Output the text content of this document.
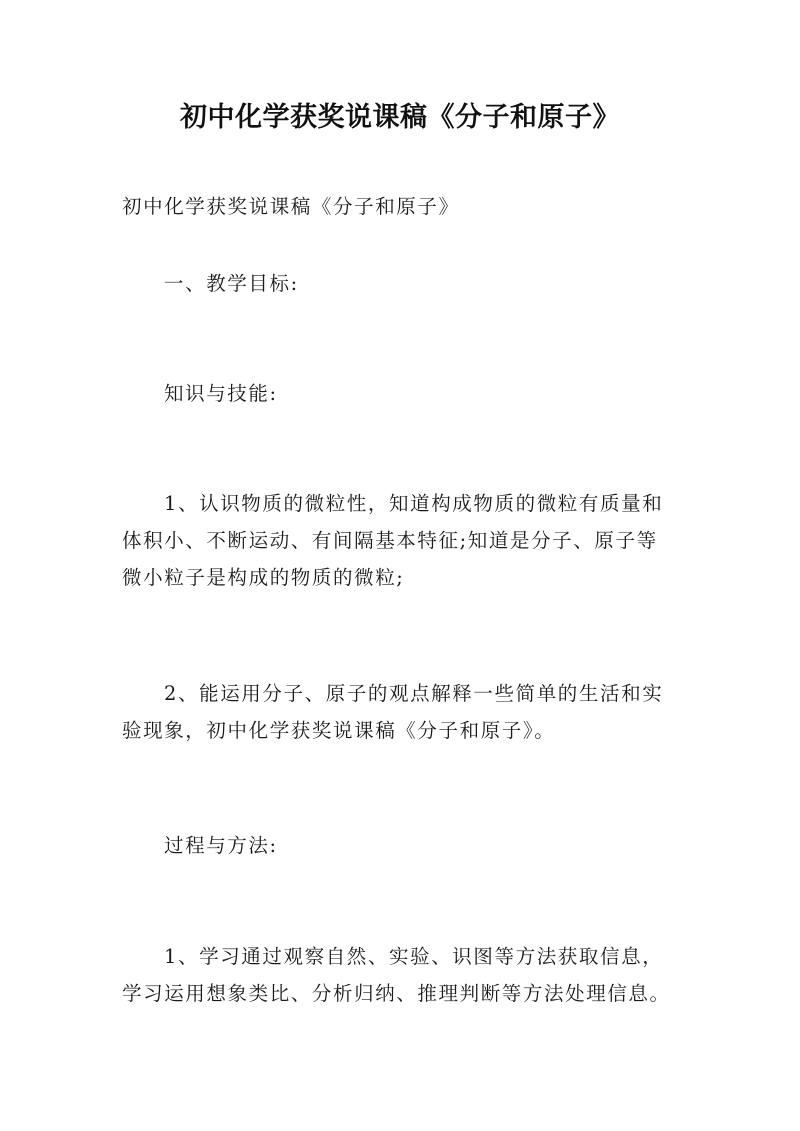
初中化学获奖说课稿《分子和原子》
初中化学获奖说课稿《分子和原子》
一、教学目标:
知识与技能:
1、认识物质的微粒性，知道构成物质的微粒有质量和
体积小、不断运动、有间隔基本特征;知道是分子、原子等
微小粒子是构成的物质的微粒;
2、能运用分子、原子的观点解释一些简单的生活和实
验现象，初中化学获奖说课稿《分子和原子》。
过程与方法:
1、学习通过观察自然、实验、识图等方法获取信息，
学习运用想象类比、分析归纳、推理判断等方法处理信息。
